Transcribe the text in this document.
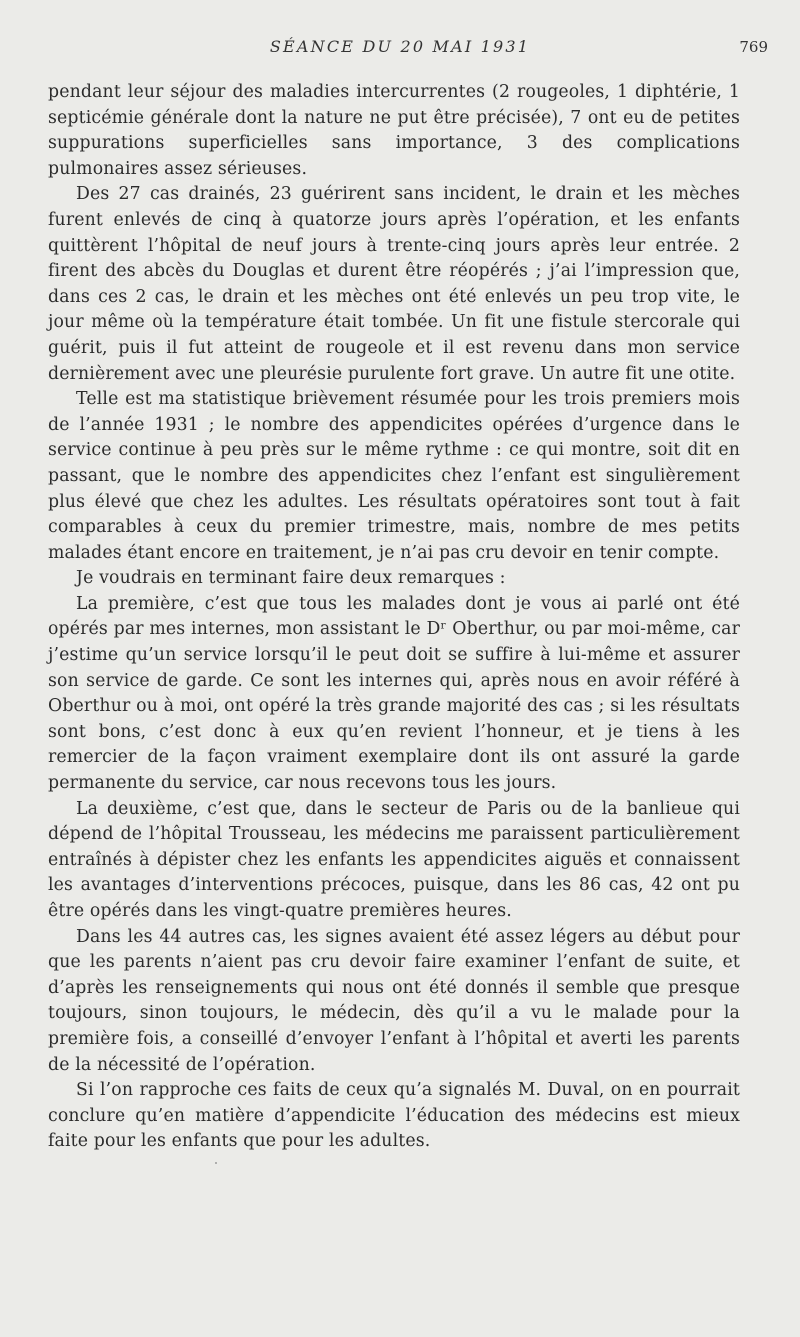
SÉANCE DU 20 MAI 1931	769

pendant leur séjour des maladies intercurrentes (2 rougeoles, 1 diphtérie, 1 septicémie générale dont la nature ne put être précisée), 7 ont eu de petites suppurations superficielles sans importance, 3 des complications pulmonaires assez sérieuses.

Des 27 cas drainés, 23 guérirent sans incident, le drain et les mèches furent enlevés de cinq à quatorze jours après l’opération, et les enfants quittèrent l’hôpital de neuf jours à trente-cinq jours après leur entrée. 2 firent des abcès du Douglas et durent être réopérés ; j’ai l’impression que, dans ces 2 cas, le drain et les mèches ont été enlevés un peu trop vite, le jour même où la température était tombée. Un fit une fistule stercorale qui guérit, puis il fut atteint de rougeole et il est revenu dans mon service dernièrement avec une pleurésie purulente fort grave. Un autre fit une otite.

Telle est ma statistique brièvement résumée pour les trois premiers mois de l’année 1931 ; le nombre des appendicites opérées d’urgence dans le service continue à peu près sur le même rythme : ce qui montre, soit dit en passant, que le nombre des appendicites chez l’enfant est singulièrement plus élevé que chez les adultes. Les résultats opératoires sont tout à fait comparables à ceux du premier trimestre, mais, nombre de mes petits malades étant encore en traitement, je n’ai pas cru devoir en tenir compte.

Je voudrais en terminant faire deux remarques :

La première, c’est que tous les malades dont je vous ai parlé ont été opérés par mes internes, mon assistant le Dʳ Oberthur, ou par moi-même, car j’estime qu’un service lorsqu’il le peut doit se suffire à lui-même et assurer son service de garde. Ce sont les internes qui, après nous en avoir référé à Oberthur ou à moi, ont opéré la très grande majorité des cas ; si les résultats sont bons, c’est donc à eux qu’en revient l’honneur, et je tiens à les remercier de la façon vraiment exemplaire dont ils ont assuré la garde permanente du service, car nous recevons tous les jours.

La deuxième, c’est que, dans le secteur de Paris ou de la banlieue qui dépend de l’hôpital Trousseau, les médecins me paraissent particulièrement entraînés à dépister chez les enfants les appendicites aiguës et connaissent les avantages d’interventions précoces, puisque, dans les 86 cas, 42 ont pu être opérés dans les vingt-quatre premières heures.

Dans les 44 autres cas, les signes avaient été assez légers au début pour que les parents n’aient pas cru devoir faire examiner l’enfant de suite, et d’après les renseignements qui nous ont été donnés il semble que presque toujours, sinon toujours, le médecin, dès qu’il a vu le malade pour la première fois, a conseillé d’envoyer l’enfant à l’hôpital et averti les parents de la nécessité de l’opération.

Si l’on rapproche ces faits de ceux qu’a signalés M. Duval, on en pourrait conclure qu’en matière d’appendicite l’éducation des médecins est mieux faite pour les enfants que pour les adultes.
